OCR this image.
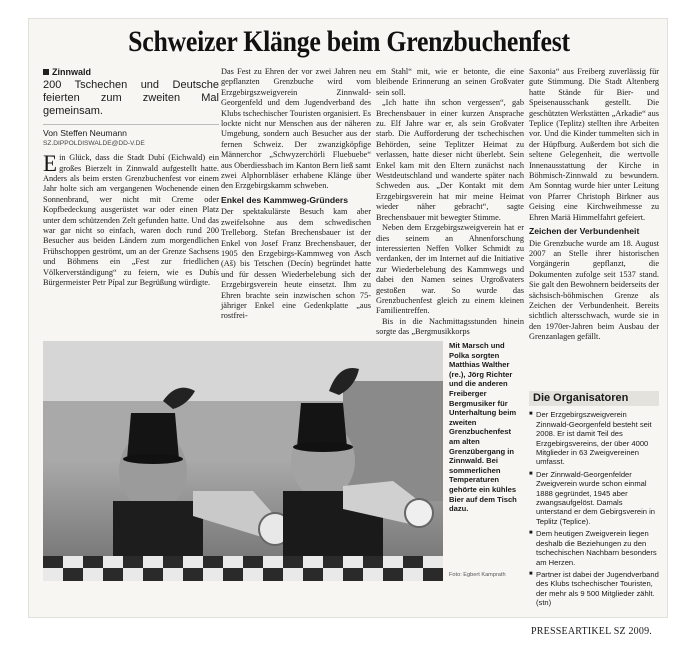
Schweizer Klänge beim Grenzbuchenfest
Zinnwald
200 Tschechen und Deutsche feierten zum zweiten Mal gemeinsam.
Von Steffen Neumann
SZ.DIPPOLDISWALDE@DD-V.DE

Ein Glück, dass die Stadt Dubí (Eichwald) ein großes Bierzelt in Zinnwald aufgestellt hatte. Anders als beim ersten Grenzbuchenfest vor einem Jahr holte sich am vergangenen Wochenende einen Sonnenbrand, wer nicht mit Creme oder Kopfbedeckung ausgerüstet war oder einen Platz unter dem schützenden Zelt gefunden hatte. Und das war gar nicht so einfach, waren doch rund 200 Besucher aus beiden Ländern zum morgendlichen Frühschoppen geströmt, um an der Grenze Sachsens und Böhmens ein „Fest zur friedlichen Völkerverständigung“ zu feiern, wie es Dubís Bürgermeister Petr Pípal zur Begrüßung würdigte.

Das Fest zu Ehren der vor zwei Jahren neu gepflanzten Grenzbuche wird vom Erzgebirgszweigverein Zinnwald-Georgenfeld und dem Jugendverband des Klubs tschechischer Touristen organisiert. Es lockte nicht nur Menschen aus der näheren Umgebung, sondern auch Besucher aus der fernen Schweiz. Der zwanzigköpfige Männerchor „Schwyzerchörli Fluebuebe“ aus Oberdiessbach im Kanton Bern ließ samt zwei Alphornbläser erhabene Klänge über den Erzgebirgskamm schweben.

Enkel des Kammweg-Gründers

Der spektakulärste Besuch kam aber zweifelsohne aus dem schwedischen Trelleborg. Stefan Brechensbauer ist der Enkel von Josef Franz Brechensbauer, der 1905 den Erzgebirgs-Kammweg von Asch (Aš) bis Tetschen (Decín) begründet hatte und für dessen Wiederbelebung sich der Erzgebirgsverein heute einsetzt. Ihm zu Ehren brachte sein inzwischen schon 75-jähriger Enkel eine Gedenkplatte „aus rostfrei-

em Stahl“ mit, wie er betonte, die eine bleibende Erinnerung an seinen Großvater sein soll.

„Ich hatte ihn schon vergessen“, gab Brechensbauer in einer kurzen Ansprache zu. Elf Jahre war er, als sein Großvater starb. Die Aufforderung der tschechischen Behörden, seine Teplitzer Heimat zu verlassen, hatte dieser nicht überlebt. Sein Enkel kam mit den Eltern zunächst nach Westdeutschland und wanderte später nach Schweden aus. „Der Kontakt mit dem Erzgebirgsverein hat mir meine Heimat wieder näher gebracht“, sagte Brechensbauer mit bewegter Stimme.

Neben dem Erzgebirgszweigverein hat er dies seinem an Ahnenforschung interessierten Neffen Volker Schmidt zu verdanken, der im Internet auf die Initiative zur Wiederbelebung des Kammwegs und dabei den Namen seines Urgroßvaters gestoßen war. So wurde das Grenzbuchenfest gleich zu einem kleinen Familientreffen.

Bis in die Nachmittagsstunden hinein sorgte das „Bergmusikkorps

Saxonia“ aus Freiberg zuverlässig für gute Stimmung. Die Stadt Altenberg hatte Stände für Bier- und Speisenausschank gestellt. Die geschützten Werkstätten „Arkadie“ aus Teplice (Teplitz) stellten ihre Arbeiten vor. Und die Kinder tummelten sich in der Hüpfburg. Außerdem bot sich die seltene Gelegenheit, die wertvolle Innenausstattung der Kirche in Böhmisch-Zinnwald zu bewundern. Am Sonntag wurde hier unter Leitung von Pfarrer Christoph Birkner aus Geising eine Kirchweihmesse zu Ehren Mariä Himmelfahrt gefeiert.

Zeichen der Verbundenheit

Die Grenzbuche wurde am 18. August 2007 an Stelle ihrer historischen Vorgängerin gepflanzt, die Dokumenten zufolge seit 1537 stand. Sie galt den Bewohnern beiderseits der sächsisch-böhmischen Grenze als Zeichen der Verbundenheit. Bereits sichtlich altersschwach, wurde sie in den 1970er-Jahren beim Ausbau der Grenzanlagen gefällt.

Mit Marsch und Polka sorgten Matthias Walther (re.), Jörg Richter und die anderen Freiberger Bergmusiker für Unterhaltung beim zweiten Grenzbuchenfest am alten Grenzübergang in Zinnwald. Bei sommerlichen Temperaturen gehörte ein kühles Bier auf dem Tisch dazu.
Foto: Egbert Kamprath
Die Organisatoren
■ Der Erzgebirgszweigverein Zinnwald-Georgenfeld besteht seit 2008. Er ist damit Teil des Erzgebirgsvereins, der über 4000 Mitglieder in 63 Zweigvereinen umfasst.
■ Der Zinnwald-Georgenfelder Zweigverein wurde schon einmal 1888 gegründet, 1945 aber zwangsaufgelöst. Damals unterstand er dem Gebirgsverein in Teplitz (Teplice).
■ Dem heutigen Zweigverein liegen deshalb die Beziehungen zu den tschechischen Nachbarn besonders am Herzen.
■ Partner ist dabei der Jugendverband des Klubs tschechischer Touristen, der mehr als 9 500 Mitglieder zählt. (stn)
PRESSEARTIKEL SZ 2009.
